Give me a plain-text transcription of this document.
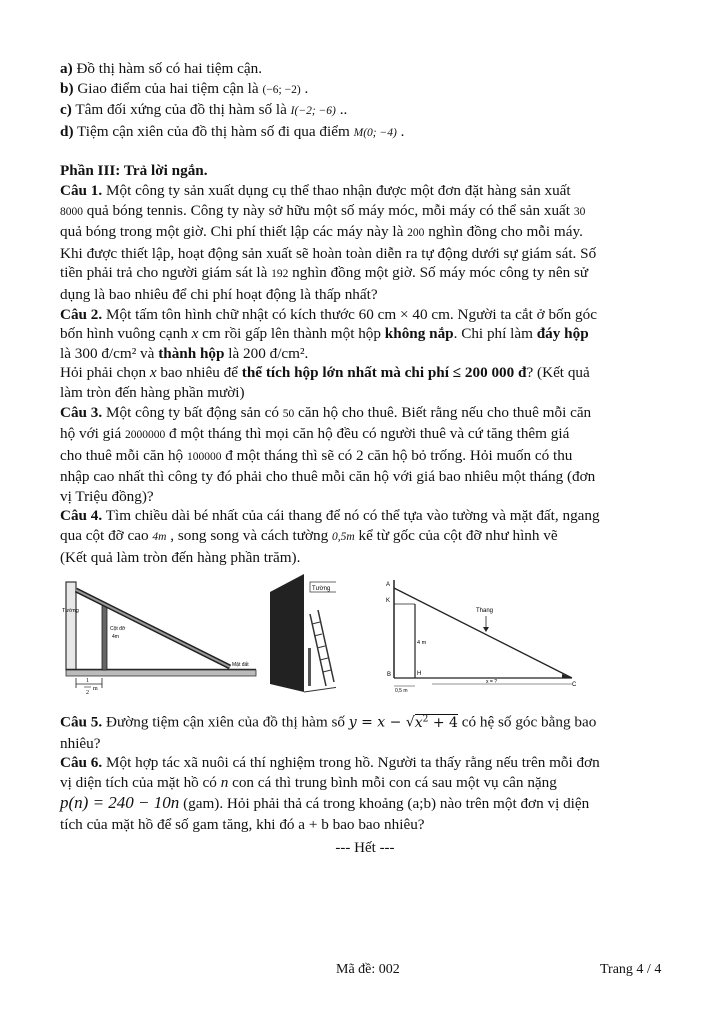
a) Đồ thị hàm số có hai tiệm cận.
b) Giao điểm của hai tiệm cận là (−6; −2) .
c) Tâm đối xứng của đồ thị hàm số là I(−2; −6) ..
d) Tiệm cận xiên của đồ thị hàm số đi qua điểm M(0; −4) .
Phần III: Trả lời ngắn.
Câu 1. Một công ty sản xuất dụng cụ thể thao nhận được một đơn đặt hàng sản xuất
8000 quả bóng tennis. Công ty này sở hữu một số máy móc, mỗi máy có thể sản xuất 30
quả bóng trong một giờ. Chi phí thiết lập các máy này là 200 nghìn đồng cho mỗi máy.
Khi được thiết lập, hoạt động sản xuất sẽ hoàn toàn diễn ra tự động dưới sự giám sát. Số
tiền phải trả cho người giám sát là 192 nghìn đồng một giờ. Số máy móc công ty nên sử
dụng là bao nhiêu để chi phí hoạt động là thấp nhất?
Câu 2. Một tấm tôn hình chữ nhật có kích thước 60 cm × 40 cm. Người ta cắt ở bốn góc
bốn hình vuông cạnh x cm rồi gấp lên thành một hộp không nắp. Chi phí làm đáy hộp
là 300 đ/cm² và thành hộp là 200 đ/cm².
Hỏi phải chọn x bao nhiêu để thể tích hộp lớn nhất mà chi phí ≤ 200 000 đ? (Kết quả
làm tròn đến hàng phần mười)
Câu 3. Một công ty bất động sản có 50 căn hộ cho thuê. Biết rằng nếu cho thuê mỗi căn
hộ với giá 2000000 đ một tháng thì mọi căn hộ đều có người thuê và cứ tăng thêm giá
cho thuê mỗi căn hộ 100000 đ một tháng thì sẽ có 2 căn hộ bỏ trống. Hỏi muốn có thu
nhập cao nhất thì công ty đó phải cho thuê mỗi căn hộ với giá bao nhiêu một tháng (đơn
vị Triệu đồng)?
Câu 4. Tìm chiều dài bé nhất của cái thang để nó có thể tựa vào tường và mặt đất, ngang
qua cột đỡ cao 4m , song song và cách tường 0,5m kể từ gốc của cột đỡ như hình vẽ
(Kết quả làm tròn đến hàng phần trăm).
Tường
Cột đỡ
4m
Mặt đất
1
2
m
Tường
A
K
B	H
C
Thang
4 m
0,5 m
x = ?
Câu 5. Đường tiệm cận xiên của đồ thị hàm số $y = x - √x^2 + 4$ có hệ số góc bằng bao
nhiêu?
Câu 6. Một hợp tác xã nuôi cá thí nghiệm trong hồ. Người ta thấy rằng nếu trên mỗi đơn
vị diện tích của mặt hồ có n con cá thì trung bình mỗi con cá sau một vụ cân nặng
p(n) = 240 − 10n (gam). Hỏi phải thả cá trong khoảng (a;b) nào trên một đơn vị diện
tích của mặt hồ để số gam tăng, khi đó a + b bao bao nhiêu?
--- Hết ---
Mã đề: 002	Trang 4 / 4
